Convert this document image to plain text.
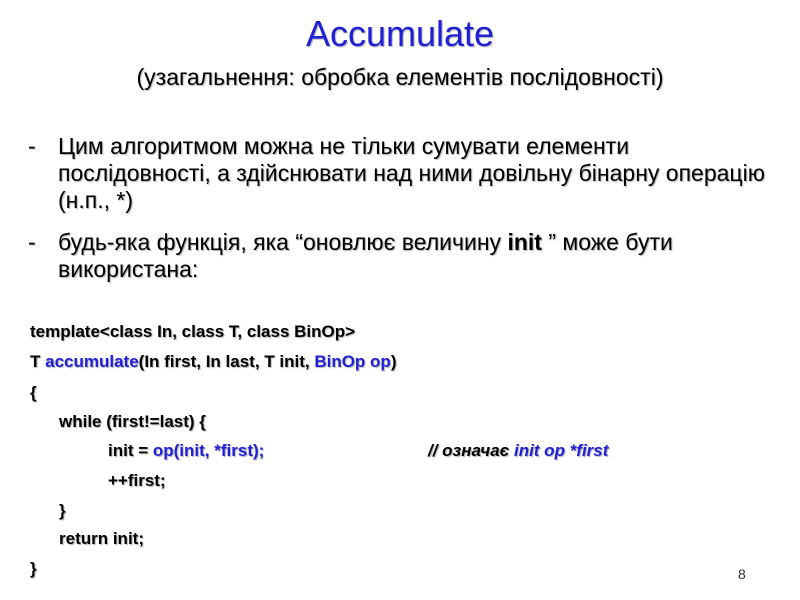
Accumulate
(узагальнення: обробка елементів послідовності)
- Цим алгоритмом можна не тільки сумувати елементи послідовності, а здійснювати над ними довільну бінарну операцію (н.п., *)
- будь-яка функція, яка “оновлює величину init ” може бути використана:
template<class In, class T, class BinOp>
T accumulate(In first, In last, T init, BinOp op)
{
while (first!=last) {
init = op(init, *first);	// означає init op *first
++first;
}
return init;
}	8
